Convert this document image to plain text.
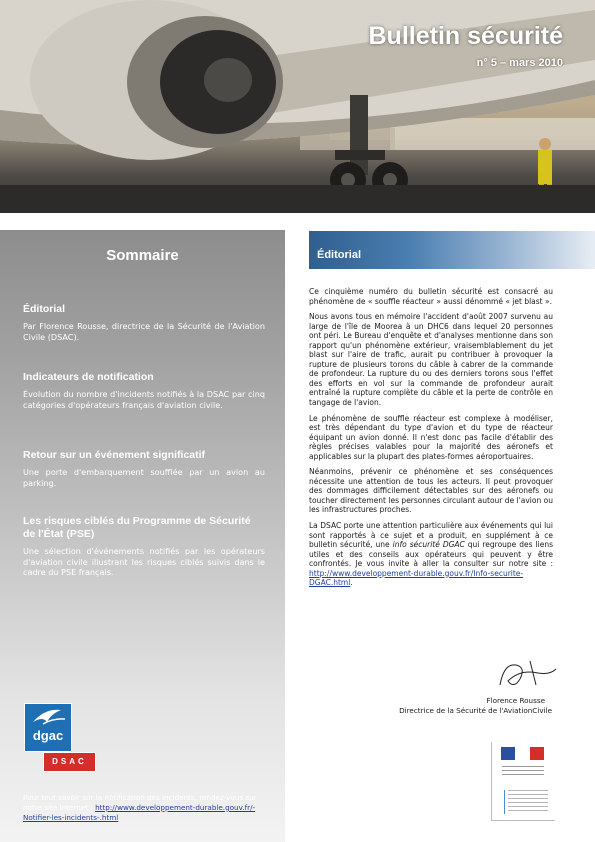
Bulletin sécurité
n° 5 – mars 2010
Sommaire
Éditorial
Par Florence Rousse, directrice de la Sécurité de l'Aviation Civile (DSAC).
Indicateurs de notification
Évolution du nombre d'incidents notifiés à la DSAC par cinq catégories d'opérateurs français d'aviation civile.
Retour sur un événement significatif
Une porte d'embarquement soufflée par un avion au parking.
Les risques ciblés du Programme de Sécurité de l'État (PSE)
Une sélection d'événements notifiés par les opérateurs d'aviation civile illustrant les risques ciblés suivis dans le cadre du PSE français.
dgac
DSAC
Pour tout savoir sur la notification des incidents, rendez-vous sur notre site Internet : http://www.developpement-durable.gouv.fr/-Notifier-les-incidents-.html
Éditorial

Ce cinquième numéro du bulletin sécurité est consacré au phénomène de « souffle réacteur » aussi dénommé « jet blast ».

Nous avons tous en mémoire l'accident d'août 2007 survenu au large de l'île de Moorea à un DHC6 dans lequel 20 personnes ont péri. Le Bureau d'enquête et d'analyses mentionne dans son rapport qu'un phénomène extérieur, vraisemblablement du jet blast sur l'aire de trafic, aurait pu contribuer à provoquer la rupture de plusieurs torons du câble à cabrer de la commande de profondeur. La rupture du ou des derniers torons sous l'effet des efforts en vol sur la commande de profondeur aurait entraîné la rupture complète du câble et la perte de contrôle en tangage de l'avion.

Le phénomène de souffle réacteur est complexe à modéliser, est très dépendant du type d'avion et du type de réacteur équipant un avion donné. Il n'est donc pas facile d'établir des règles précises valables pour la majorité des aéronefs et applicables sur la plupart des plates-formes aéroportuaires.

Néanmoins, prévenir ce phénomène et ses conséquences nécessite une attention de tous les acteurs. Il peut provoquer des dommages difficilement détectables sur des aéronefs ou toucher directement les personnes circulant autour de l'avion ou les infrastructures proches.

La DSAC porte une attention particulière aux événements qui lui sont rapportés à ce sujet et a produit, en supplément à ce bulletin sécurité, une info sécurité DGAC qui regroupe des liens utiles et des conseils aux opérateurs qui peuvent y être confrontés. Je vous invite à aller la consulter sur notre site : http://www.developpement-durable.gouv.fr/Info-securite-DGAC.html.

Florence Rousse
Directrice de la Sécurité de l'AviationCivile
